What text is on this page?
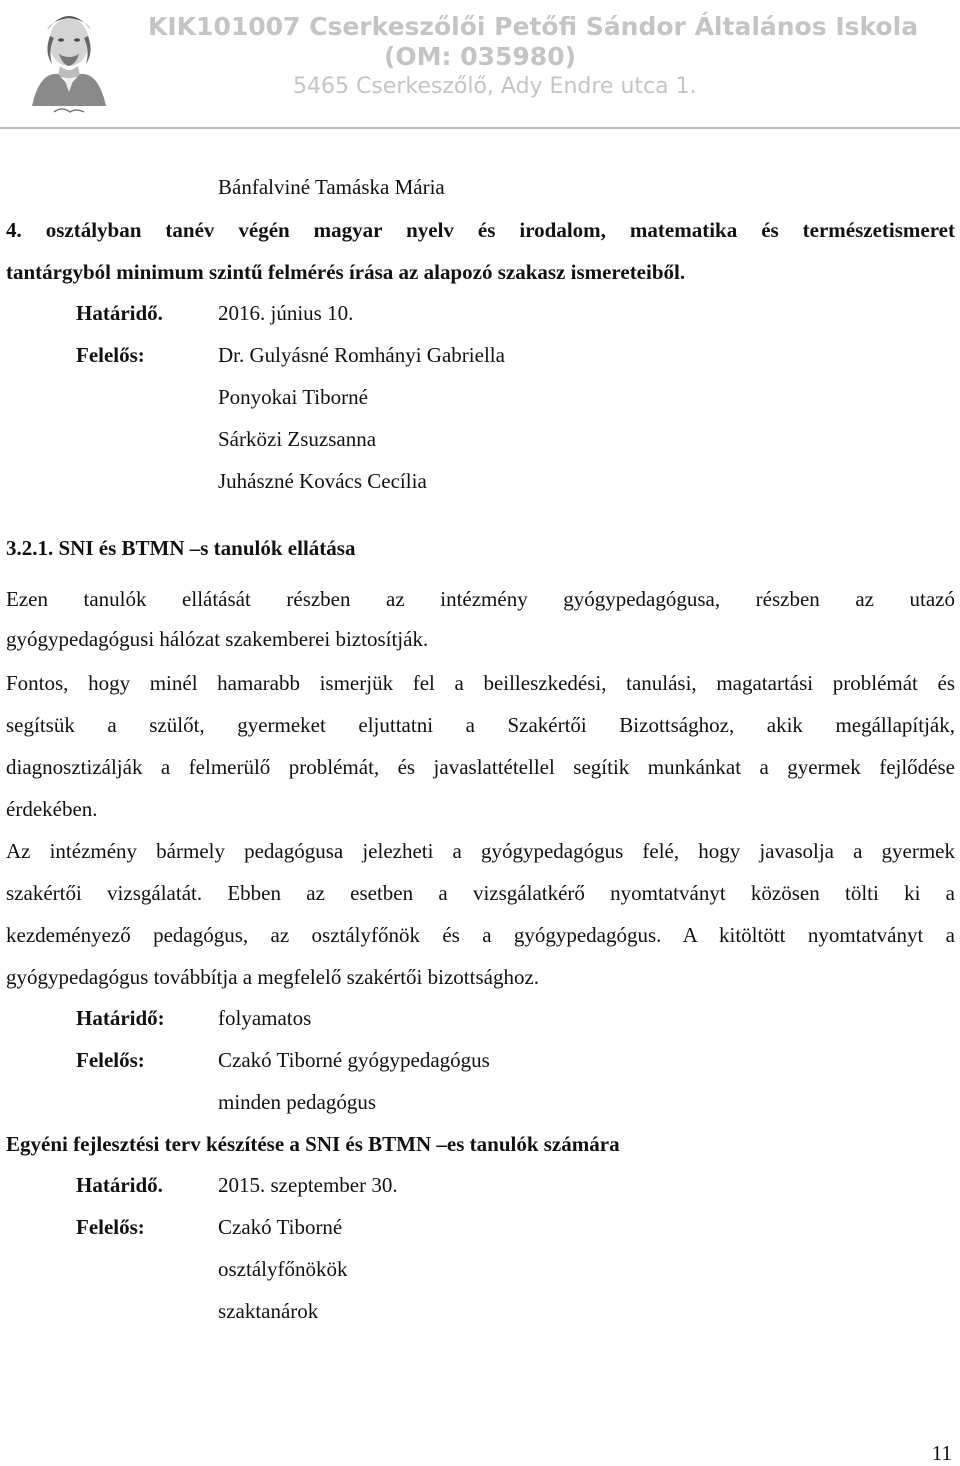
KIK101007 Cserkeszőlői Petőfi Sándor Általános Iskola
(OM: 035980)
5465 Cserkeszőlő, Ady Endre utca 1.
Bánfalviné Tamáska Mária
4. osztályban tanév végén magyar nyelv és irodalom, matematika és természetismeret
tantárgyból minimum szintű felmérés írása az alapozó szakasz ismereteiből.
Határidő.	2016. június 10.
Felelős:	Dr. Gulyásné Romhányi Gabriella
Ponyokai Tiborné
Sárközi Zsuzsanna
Juhászné Kovács Cecília
3.2.1. SNI és BTMN –s tanulók ellátása
Ezen tanulók ellátását részben az intézmény gyógypedagógusa, részben az utazó
gyógypedagógusi hálózat szakemberei biztosítják.
Fontos, hogy minél hamarabb ismerjük fel a beilleszkedési, tanulási, magatartási problémát és
segítsük a szülőt, gyermeket eljuttatni a Szakértői Bizottsághoz, akik megállapítják,
diagnosztizálják a felmerülő problémát, és javaslattétellel segítik munkánkat a gyermek fejlődése
érdekében.
Az intézmény bármely pedagógusa jelezheti a gyógypedagógus felé, hogy javasolja a gyermek
szakértői vizsgálatát. Ebben az esetben a vizsgálatkérő nyomtatványt közösen tölti ki a
kezdeményező pedagógus, az osztályfőnök és a gyógypedagógus. A kitöltött nyomtatványt a
gyógypedagógus továbbítja a megfelelő szakértői bizottsághoz.
Határidő:	folyamatos
Felelős:	Czakó Tiborné gyógypedagógus
minden pedagógus
Egyéni fejlesztési terv készítése a SNI és BTMN –es tanulók számára
Határidő.	2015. szeptember 30.
Felelős:	Czakó Tiborné
osztályfőnökök
szaktanárok
11
